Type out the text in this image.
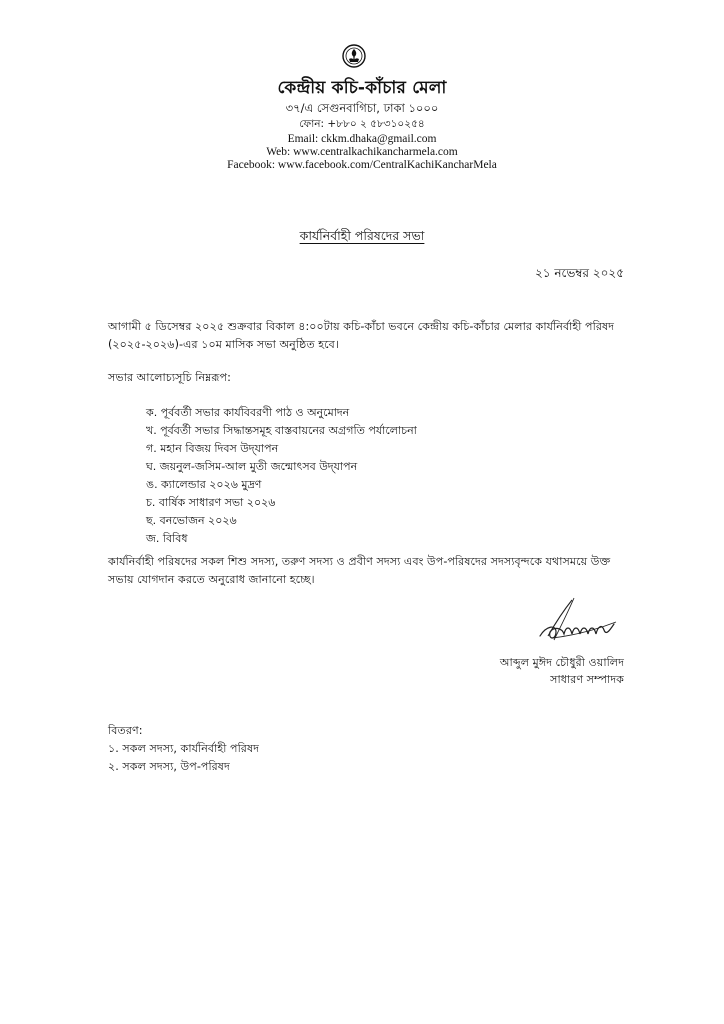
কেন্দ্রীয় কচি-কাঁচার মেলা
৩৭/এ সেগুনবাগিচা, ঢাকা ১০০০
ফোন: +৮৮০ ২ ৫৮৩১০২৫৪
Email: ckkm.dhaka@gmail.com
Web: www.centralkachikancharmela.com
Facebook: www.facebook.com/CentralKachiKancharMela
কার্যনির্বাহী পরিষদের সভা
২১ নভেম্বর ২০২৫
আগামী ৫ ডিসেম্বর ২০২৫ শুক্রবার বিকাল ৪:০০টায় কচি-কাঁচা ভবনে কেন্দ্রীয় কচি-কাঁচার মেলার কার্যনির্বাহী পরিষদ (২০২৫-২০২৬)-এর ১০ম মাসিক সভা অনুষ্ঠিত হবে।
সভার আলোচ্যসূচি নিম্নরূপ:
ক. পূর্ববর্তী সভার কার্যবিবরণী পাঠ ও অনুমোদন
খ. পূর্ববর্তী সভার সিদ্ধান্তসমূহ বাস্তবায়নের অগ্রগতি পর্যালোচনা
গ. মহান বিজয় দিবস উদ্‌যাপন
ঘ. জয়নুল-জসিম-আল মুতী জন্মোৎসব উদ্‌যাপন
ঙ. ক্যালেন্ডার ২০২৬ মুদ্রণ
চ. বার্ষিক সাধারণ সভা ২০২৬
ছ. বনভোজন ২০২৬
জ. বিবিধ
কার্যনির্বাহী পরিষদের সকল শিশু সদস্য, তরুণ সদস্য ও প্রবীণ সদস্য এবং উপ-পরিষদের সদস্যবৃন্দকে যথাসময়ে উক্ত সভায় যোগদান করতে অনুরোধ জানানো হচ্ছে।
আব্দুল মুঈদ চৌধুরী ওয়ালিদ
সাধারণ সম্পাদক
বিতরণ:
১. সকল সদস্য, কার্যনির্বাহী পরিষদ
২. সকল সদস্য, উপ-পরিষদ
